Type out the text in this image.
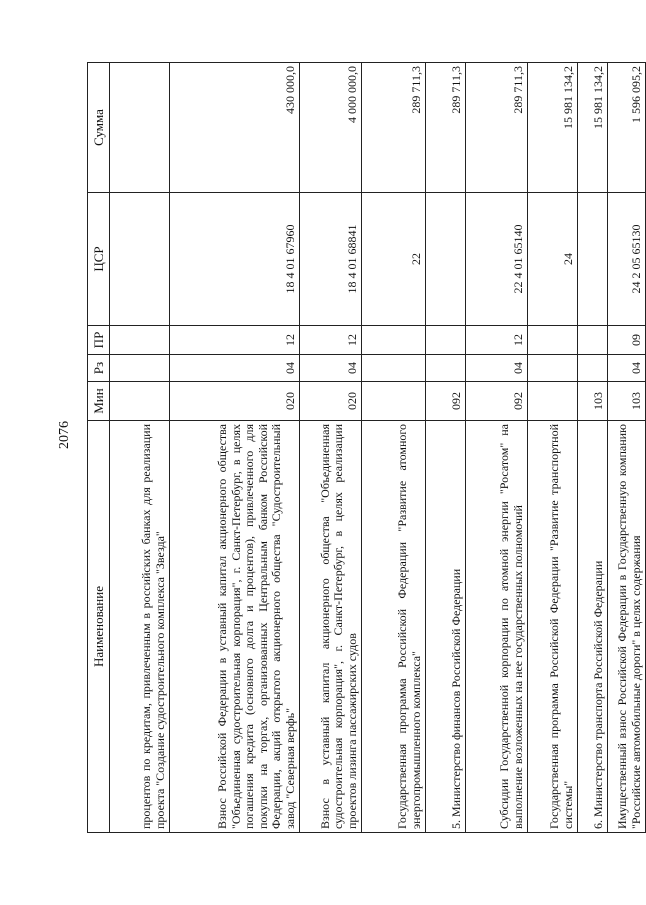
2076
Наименование	Мин	Рз	ПР	ЦСР	Сумма
процентов по кредитам, привлеченным в российских банках для реализации проекта "Создание судостроительного комплекса "Звезда"					
Взнос Российской Федерации в уставный капитал акционерного общества "Объединенная судостроительная корпорация", г. Санкт-Петербург, в целях погашения кредита (основного долга и процентов), привлеченного для покупки на торгах, организованных Центральным банком Российской Федерации, акций открытого акционерного общества "Судостроительный завод "Северная верфь"	020	04	12	18 4 01 67960	430 000,0
Взнос в уставный капитал акционерного общества "Объединенная судостроительная корпорация", г. Санкт-Петербург, в целях реализации проектов лизинга пассажирских судов	020	04	12	18 4 01 68841	4 000 000,0
Государственная программа Российской Федерации "Развитие атомного энергопромышленного комплекса"				22	289 711,3
5. Министерство финансов Российской Федерации	092				289 711,3
Субсидии Государственной корпорации по атомной энергии "Росатом" на выполнение возложенных на нее государственных полномочий	092	04	12	22 4 01 65140	289 711,3
Государственная программа Российской Федерации "Развитие транспортной системы"				24	15 981 134,2
6. Министерство транспорта Российской Федерации	103				15 981 134,2
Имущественный взнос Российской Федерации в Государственную компанию "Российские автомобильные дороги" в целях содержания	103	04	09	24 2 05 65130	1 596 095,2
